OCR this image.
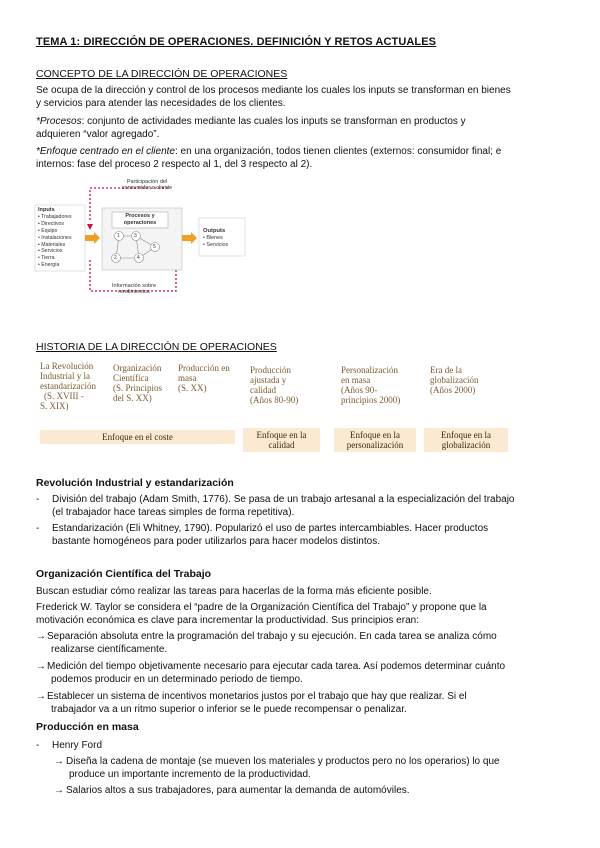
TEMA 1: DIRECCIÓN DE OPERACIONES. DEFINICIÓN Y RETOS ACTUALES
CONCEPTO DE LA DIRECCIÓN DE OPERACIONES
Se ocupa de la dirección y control de los procesos mediante los cuales los inputs se transforman en bienes
y servicios para atender las necesidades de los clientes.
*Procesos: conjunto de actividades mediante las cuales los inputs se transforman en productos y
adquieren “valor agregado”.
*Enfoque centrado en el cliente: en una organización, todos tienen clientes (externos: consumidor final; e
internos: fase del proceso 2 respecto al 1, del 3 respecto al 2).
Participación del
consumidor o cliente
Inputs
• Trabajadores
• Directivos
• Equipo
• Instalaciones
• Materiales
• Servicios
• Tierra
• Energía
Procesos y
operaciones
1
2
3
4
5
Outputs
• Bienes
• Servicios
Información sobre
rendimientos
HISTORIA DE LA DIRECCIÓN DE OPERACIONES
La Revolución
Industrial y la
estandarización
(S. XVIII -
S. XIX)
Organización
Científica
(S. Principios
del S. XX)
Producción en
masa
(S. XX)
Producción
ajustada y
calidad
(Años 80-90)
Personalización
en masa
(Años 90-
principios 2000)
Era de la
globalización
(Años 2000)
Enfoque en el coste	Enfoque en la
calidad
Enfoque en la
personalización
Enfoque en la
globalización
Revolución Industrial y estandarización
- División del trabajo (Adam Smith, 1776). Se pasa de un trabajo artesanal a la especialización del trabajo
(el trabajador hace tareas simples de forma repetitiva).
- Estandarización (Eli Whitney, 1790). Popularizó el uso de partes intercambiables. Hacer productos
bastante homogéneos para poder utilizarlos para hacer modelos distintos.
Organización Científica del Trabajo
Buscan estudiar cómo realizar las tareas para hacerlas de la forma más eficiente posible.
Frederick W. Taylor se considera el “padre de la Organización Científica del Trabajo” y propone que la
motivación económica es clave para incrementar la productividad. Sus principios eran:
→ Separación absoluta entre la programación del trabajo y su ejecución. En cada tarea se analiza cómo
realizarse científicamente.
→ Medición del tiempo objetivamente necesario para ejecutar cada tarea. Así podemos determinar cuánto
podemos producir en un determinado periodo de tiempo.
→ Establecer un sistema de incentivos monetarios justos por el trabajo que hay que realizar. Si el
trabajador va a un ritmo superior o inferior se le puede recompensar o penalizar.
Producción en masa
- Henry Ford
→ Diseña la cadena de montaje (se mueven los materiales y productos pero no los operarios) lo que
produce un importante incremento de la productividad.
→ Salarios altos a sus trabajadores, para aumentar la demanda de automóviles.
